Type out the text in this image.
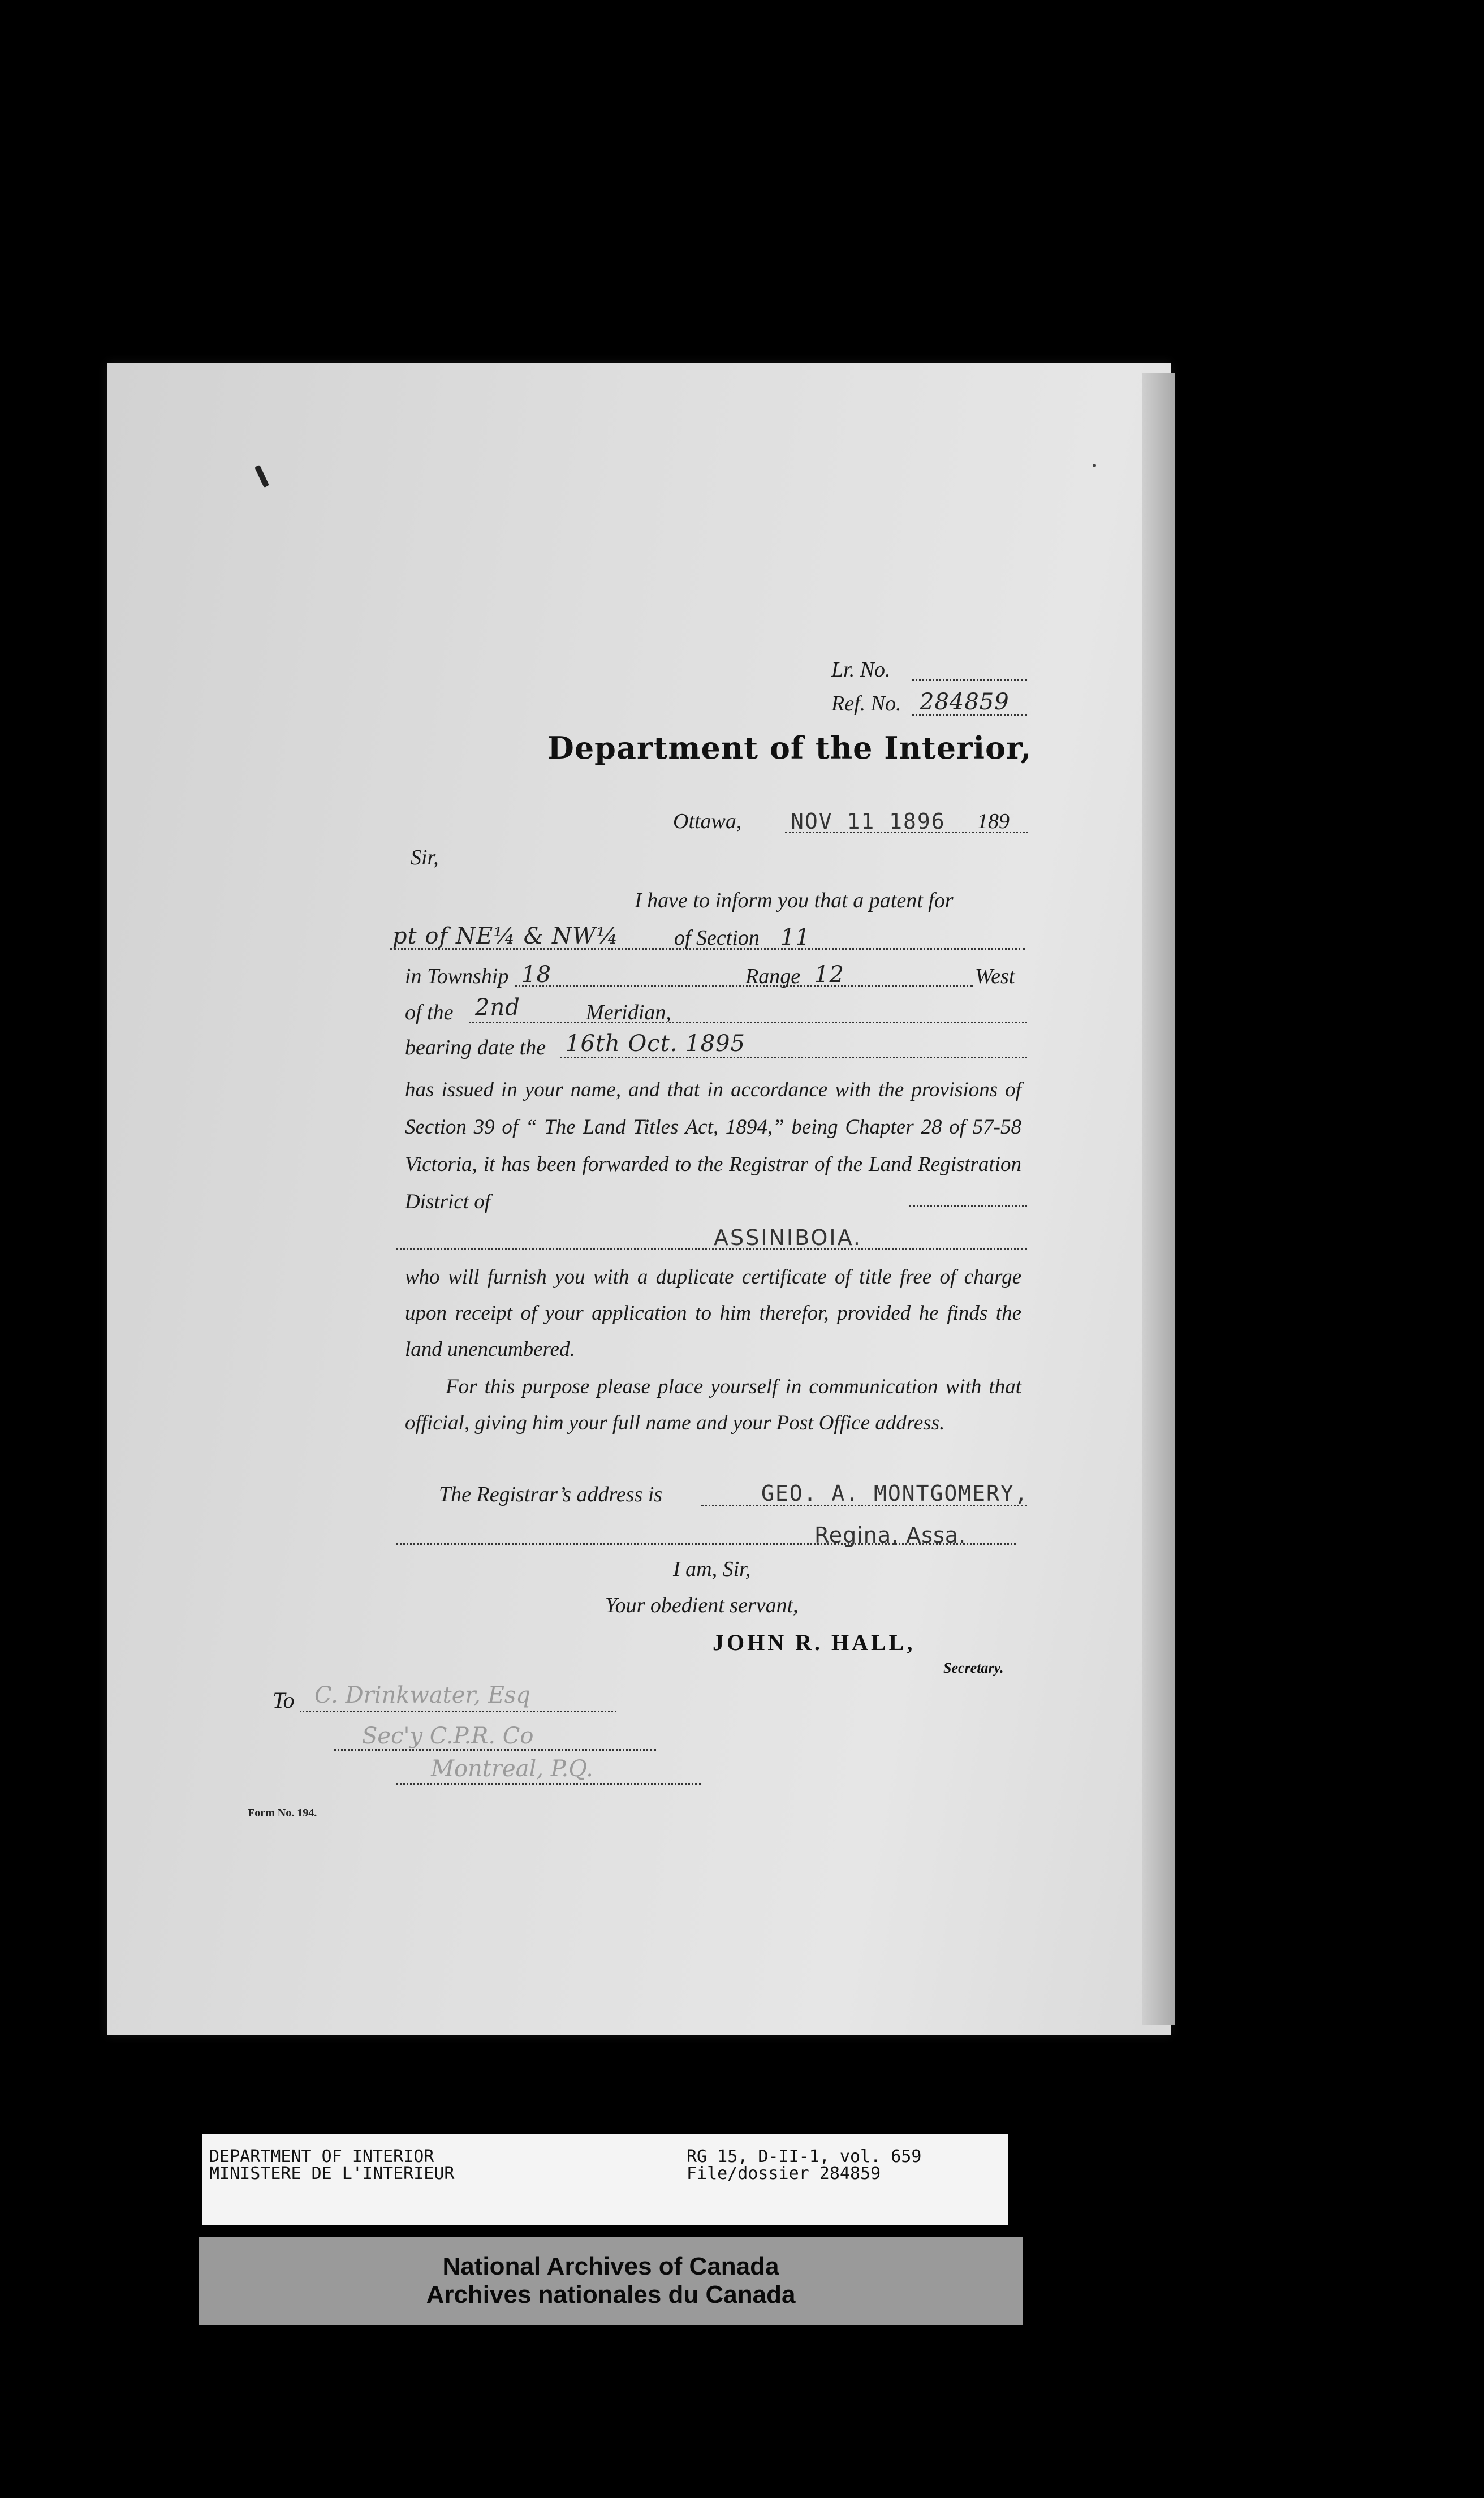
Lr. No.
Ref. No. 284859
Department of the Interior,
Ottawa, NOV 11 1896 189
Sir,
I have to inform you that a patent for
pt of NE¼ & NW¼	of Section 11
in Township 18	Range 12	West
of the 2nd	Meridian,
bearing date the 16th Oct. 1895
has issued in your name, and that in accordance with the provisions of Section 39 of “ The Land Titles Act, 1894,” being Chapter 28 of 57-58 Victoria, it has been forwarded to the Registrar of the Land Registration District of
ASSINIBOIA.
who will furnish you with a duplicate certificate of title free of charge upon receipt of your application to him therefor, provided he finds the land unencumbered.
For this purpose please place yourself in communication with that official, giving him your full name and your Post Office address.
The Registrar’s address is	GEO. A. MONTGOMERY,
Regina, Assa.
I am, Sir,
Your obedient servant,
JOHN R. HALL,
Secretary.
To C. Drinkwater, Esq
Sec'y C.P.R. Co
Montreal, P.Q.
Form No. 194.
DEPARTMENT OF INTERIOR
MINISTERE DE L'INTERIEUR
RG 15, D-II-1, vol. 659
File/dossier 284859
National Archives of Canada
Archives nationales du Canada
